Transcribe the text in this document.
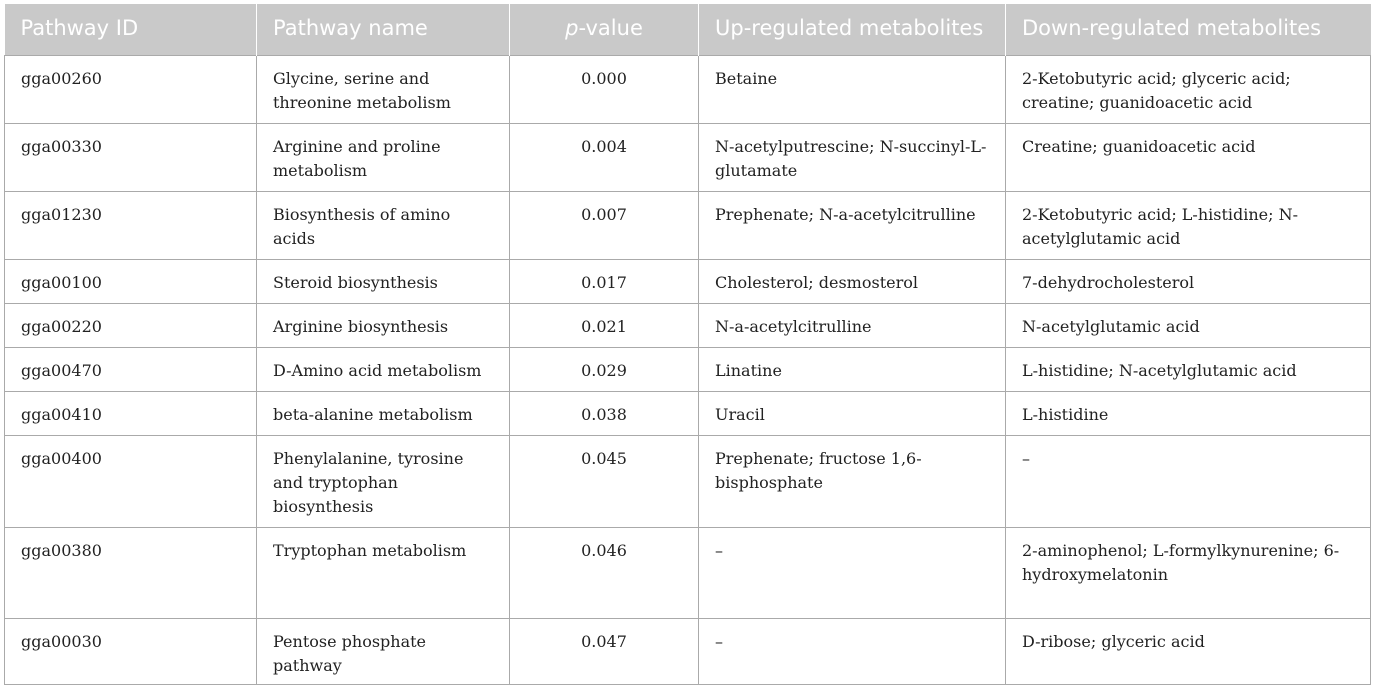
Pathway ID	Pathway name	p-value	Up-regulated metabolites	Down-regulated metabolites
gga00260	Glycine, serine and threonine metabolism	0.000	Betaine	2-Ketobutyric acid; glyceric acid; creatine; guanidoacetic acid
gga00330	Arginine and proline metabolism	0.004	N-acetylputrescine; N-succinyl-L-glutamate	Creatine; guanidoacetic acid
gga01230	Biosynthesis of amino acids	0.007	Prephenate; N-a-acetylcitrulline	2-Ketobutyric acid; L-histidine; N-acetylglutamic acid
gga00100	Steroid biosynthesis	0.017	Cholesterol; desmosterol	7-dehydrocholesterol
gga00220	Arginine biosynthesis	0.021	N-a-acetylcitrulline	N-acetylglutamic acid
gga00470	D-Amino acid metabolism	0.029	Linatine	L-histidine; N-acetylglutamic acid
gga00410	beta-alanine metabolism	0.038	Uracil	L-histidine
gga00400	Phenylalanine, tyrosine and tryptophan biosynthesis	0.045	Prephenate; fructose 1,6-bisphosphate	–
gga00380	Tryptophan metabolism	0.046	–	2-aminophenol; L-formylkynurenine; 6-hydroxymelatonin
gga00030	Pentose phosphate pathway	0.047	–	D-ribose; glyceric acid
